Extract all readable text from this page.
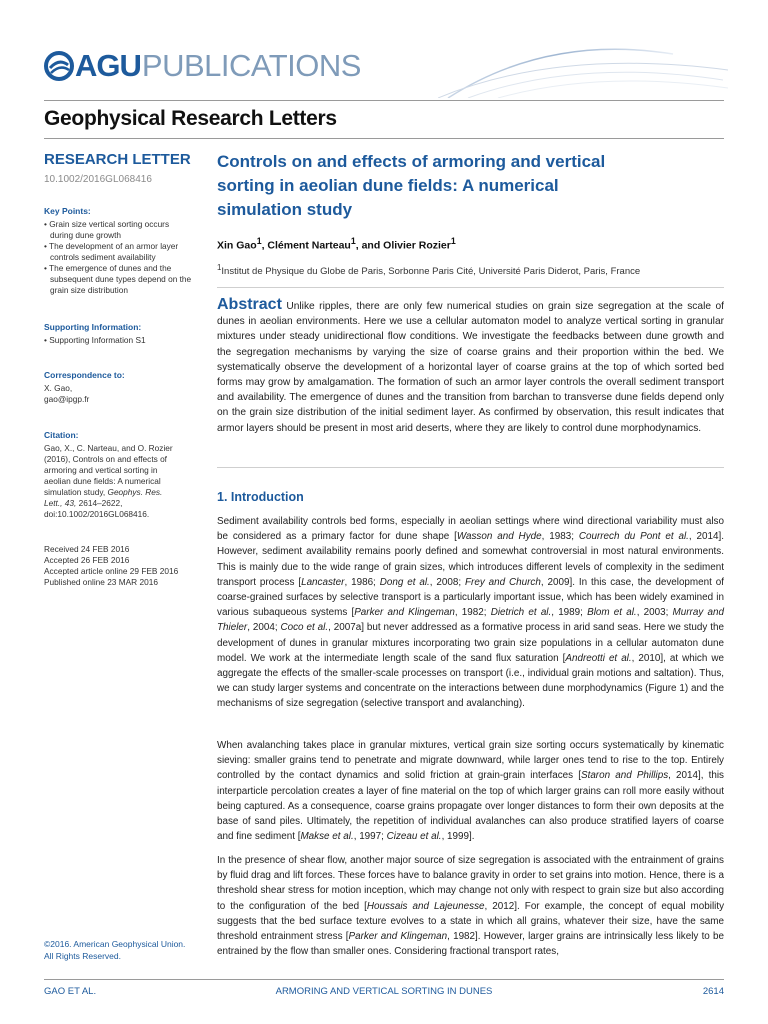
AGU PUBLICATIONS
Geophysical Research Letters
RESEARCH LETTER
10.1002/2016GL068416
Key Points:
• Grain size vertical sorting occurs during dune growth
• The development of an armor layer controls sediment availability
• The emergence of dunes and the subsequent dune types depend on the grain size distribution
Supporting Information:
• Supporting Information S1
Correspondence to:
X. Gao,
gao@ipgp.fr
Citation:
Gao, X., C. Narteau, and O. Rozier (2016), Controls on and effects of armoring and vertical sorting in aeolian dune fields: A numerical simulation study, Geophys. Res. Lett., 43, 2614–2622, doi:10.1002/2016GL068416.
Received 24 FEB 2016
Accepted 26 FEB 2016
Accepted article online 29 FEB 2016
Published online 23 MAR 2016
©2016. American Geophysical Union.
All Rights Reserved.
Controls on and effects of armoring and vertical sorting in aeolian dune fields: A numerical simulation study
Xin Gao$^1$, Clément Narteau$^1$, and Olivier Rozier$^1$
$^1$Institut de Physique du Globe de Paris, Sorbonne Paris Cité, Université Paris Diderot, Paris, France
Abstract Unlike ripples, there are only few numerical studies on grain size segregation at the scale of dunes in aeolian environments. Here we use a cellular automaton model to analyze vertical sorting in granular mixtures under steady unidirectional flow conditions. We investigate the feedbacks between dune growth and the segregation mechanisms by varying the size of coarse grains and their proportion within the bed. We systematically observe the development of a horizontal layer of coarse grains at the top of which sorted bed forms may grow by amalgamation. The formation of such an armor layer controls the overall sediment transport and availability. The emergence of dunes and the transition from barchan to transverse dune fields depend only on the grain size distribution of the initial sediment layer. As confirmed by observation, this result indicates that armor layers should be present in most arid deserts, where they are likely to control dune morphodynamics.
1. Introduction

Sediment availability controls bed forms, especially in aeolian settings where wind directional variability must also be considered as a primary factor for dune shape [Wasson and Hyde, 1983; Courrech du Pont et al., 2014]. However, sediment availability remains poorly defined and somewhat controversial in most natural environments. This is mainly due to the wide range of grain sizes, which introduces different levels of complexity in the sediment transport process [Lancaster, 1986; Dong et al., 2008; Frey and Church, 2009]. In this case, the development of coarse-grained surfaces by selective transport is a particularly important issue, which has been widely examined in various subaqueous systems [Parker and Klingeman, 1982; Dietrich et al., 1989; Blom et al., 2003; Murray and Thieler, 2004; Coco et al., 2007a] but never addressed as a formative process in arid sand seas. Here we study the development of dunes in granular mixtures incorporating two grain size populations in a cellular automaton dune model. We work at the intermediate length scale of the sand flux saturation [Andreotti et al., 2010], at which we aggregate the effects of the smaller-scale processes on transport (i.e., individual grain motions and saltation). Thus, we can study larger systems and concentrate on the interactions between dune morphodynamics (Figure 1) and the mechanisms of size segregation (selective transport and avalanching).

When avalanching takes place in granular mixtures, vertical grain size sorting occurs systematically by kinematic sieving: smaller grains tend to penetrate and migrate downward, while larger ones tend to rise to the top. Entirely controlled by the contact dynamics and solid friction at grain-grain interfaces [Staron and Phillips, 2014], this interparticle percolation creates a layer of fine material on the top of which larger grains can roll more easily without being captured. As a consequence, coarse grains propagate over longer distances to form their own deposits at the base of sand piles. Ultimately, the repetition of individual avalanches can also produce stratified layers of coarse and fine sediment [Makse et al., 1997; Cizeau et al., 1999].

In the presence of shear flow, another major source of size segregation is associated with the entrainment of grains by fluid drag and lift forces. These forces have to balance gravity in order to set grains into motion. Hence, there is a threshold shear stress for motion inception, which may change not only with respect to grain size but also according to the configuration of the bed [Houssais and Lajeunesse, 2012]. For example, the concept of equal mobility suggests that the bed surface texture evolves to a state in which all grains, whatever their size, have the same threshold entrainment stress [Parker and Klingeman, 1982]. However, larger grains are intrinsically less likely to be entrained by the flow than smaller ones. Considering fractional transport rates,

ARMORING AND VERTICAL SORTING IN DUNES
GAO ET AL.	2614
